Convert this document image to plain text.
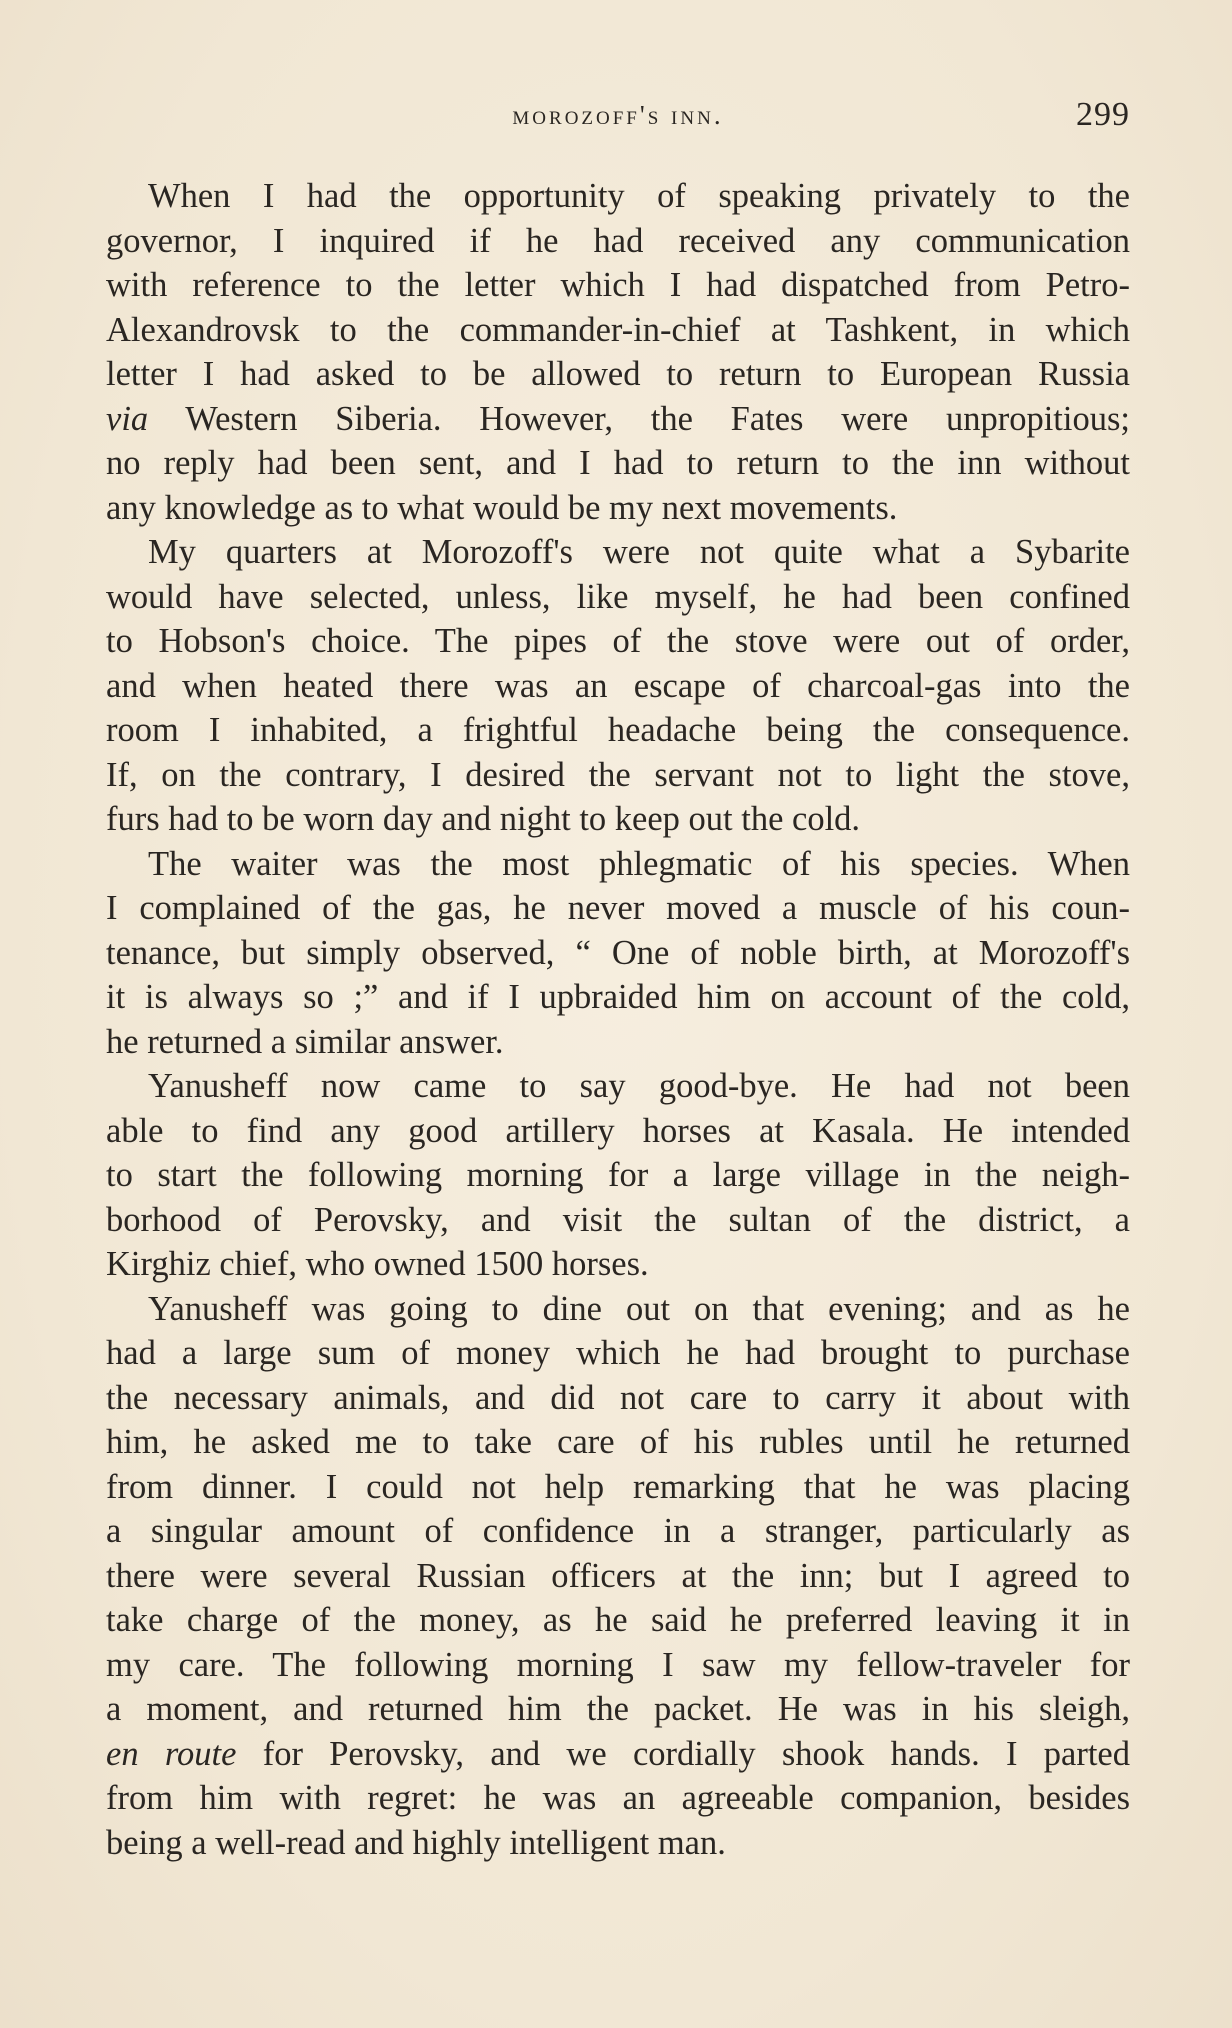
morozoff's inn.	299
When I had the opportunity of speaking privately to the
governor, I inquired if he had received any communication
with reference to the letter which I had dispatched from Petro-
Alexandrovsk to the commander-in-chief at Tashkent, in which
letter I had asked to be allowed to return to European Russia
via Western Siberia. However, the Fates were unpropitious;
no reply had been sent, and I had to return to the inn without
any knowledge as to what would be my next movements.
My quarters at Morozoff's were not quite what a Sybarite
would have selected, unless, like myself, he had been confined
to Hobson's choice. The pipes of the stove were out of order,
and when heated there was an escape of charcoal-gas into the
room I inhabited, a frightful headache being the consequence.
If, on the contrary, I desired the servant not to light the stove,
furs had to be worn day and night to keep out the cold.
The waiter was the most phlegmatic of his species. When
I complained of the gas, he never moved a muscle of his coun-
tenance, but simply observed, “ One of noble birth, at Morozoff's
it is always so ;” and if I upbraided him on account of the cold,
he returned a similar answer.
Yanusheff now came to say good-bye. He had not been
able to find any good artillery horses at Kasala. He intended
to start the following morning for a large village in the neigh-
borhood of Perovsky, and visit the sultan of the district, a
Kirghiz chief, who owned 1500 horses.
Yanusheff was going to dine out on that evening; and as he
had a large sum of money which he had brought to purchase
the necessary animals, and did not care to carry it about with
him, he asked me to take care of his rubles until he returned
from dinner. I could not help remarking that he was placing
a singular amount of confidence in a stranger, particularly as
there were several Russian officers at the inn; but I agreed to
take charge of the money, as he said he preferred leaving it in
my care. The following morning I saw my fellow-traveler for
a moment, and returned him the packet. He was in his sleigh,
en route for Perovsky, and we cordially shook hands. I parted
from him with regret: he was an agreeable companion, besides
being a well-read and highly intelligent man.
